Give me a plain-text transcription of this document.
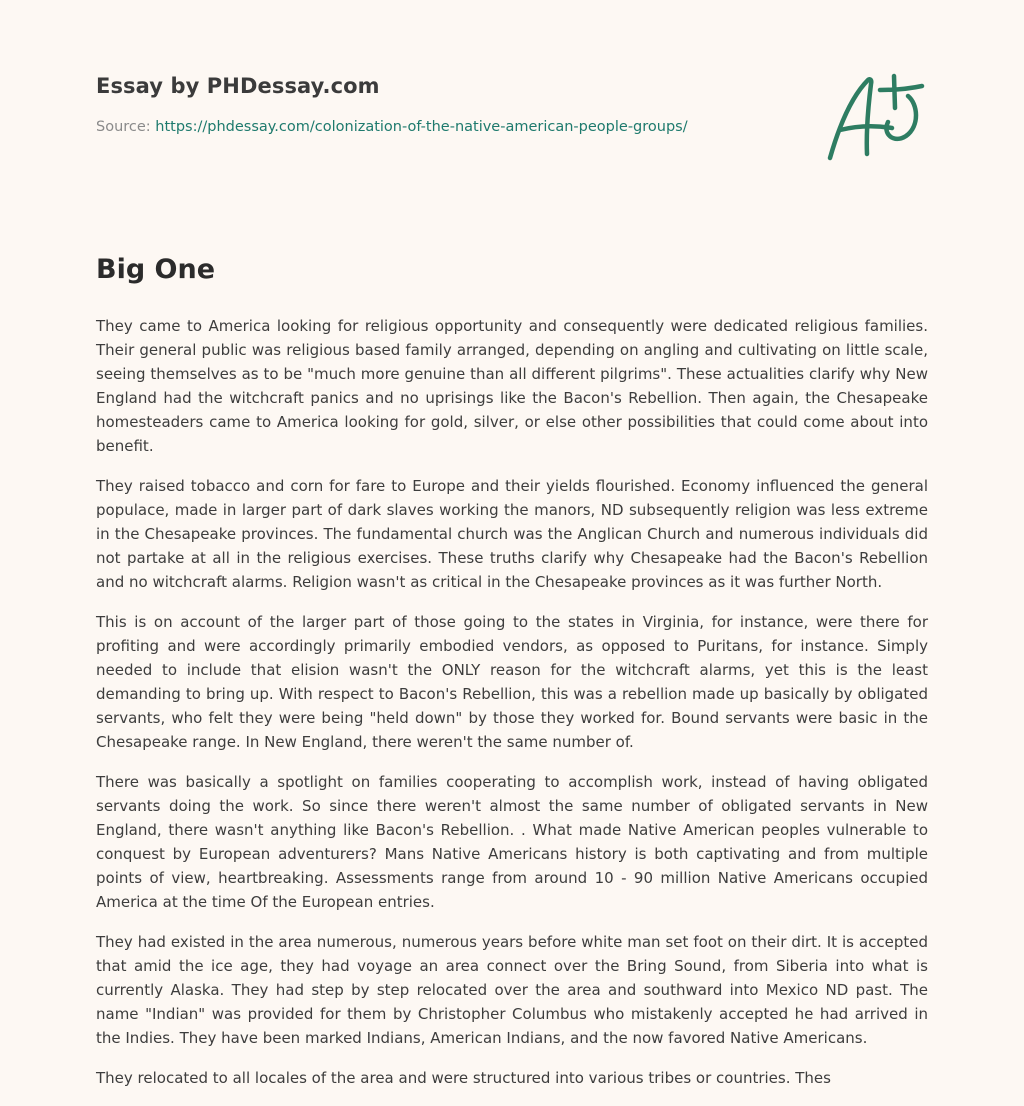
Essay by PHDessay.com
Source: https://phdessay.com/colonization-of-the-native-american-people-groups/
Big One

They came to America looking for religious opportunity and consequently were dedicated religious families. Their general public was religious based family arranged, depending on angling and cultivating on little scale, seeing themselves as to be "much more genuine than all different pilgrims". These actualities clarify why New England had the witchcraft panics and no uprisings like the Bacon's Rebellion. Then again, the Chesapeake homesteaders came to America looking for gold, silver, or else other possibilities that could come about into benefit.

They raised tobacco and corn for fare to Europe and their yields flourished. Economy influenced the general populace, made in larger part of dark slaves working the manors, ND subsequently religion was less extreme in the Chesapeake provinces. The fundamental church was the Anglican Church and numerous individuals did not partake at all in the religious exercises. These truths clarify why Chesapeake had the Bacon's Rebellion and no witchcraft alarms. Religion wasn't as critical in the Chesapeake provinces as it was further North.

This is on account of the larger part of those going to the states in Virginia, for instance, were there for profiting and were accordingly primarily embodied vendors, as opposed to Puritans, for instance. Simply needed to include that elision wasn't the ONLY reason for the witchcraft alarms, yet this is the least demanding to bring up. With respect to Bacon's Rebellion, this was a rebellion made up basically by obligated servants, who felt they were being "held down" by those they worked for. Bound servants were basic in the Chesapeake range. In New England, there weren't the same number of.

There was basically a spotlight on families cooperating to accomplish work, instead of having obligated servants doing the work. So since there weren't almost the same number of obligated servants in New England, there wasn't anything like Bacon's Rebellion. . What made Native American peoples vulnerable to conquest by European adventurers? Mans Native Americans history is both captivating and from multiple points of view, heartbreaking. Assessments range from around 10 - 90 million Native Americans occupied America at the time Of the European entries.

They had existed in the area numerous, numerous years before white man set foot on their dirt. It is accepted that amid the ice age, they had voyage an area connect over the Bring Sound, from Siberia into what is currently Alaska. They had step by step relocated over the area and southward into Mexico ND past. The name "Indian" was provided for them by Christopher Columbus who mistakenly accepted he had arrived in the Indies. They have been marked Indians, American Indians, and the now favored Native Americans.

They relocated to all locales of the area and were structured into various tribes or countries. Thes
